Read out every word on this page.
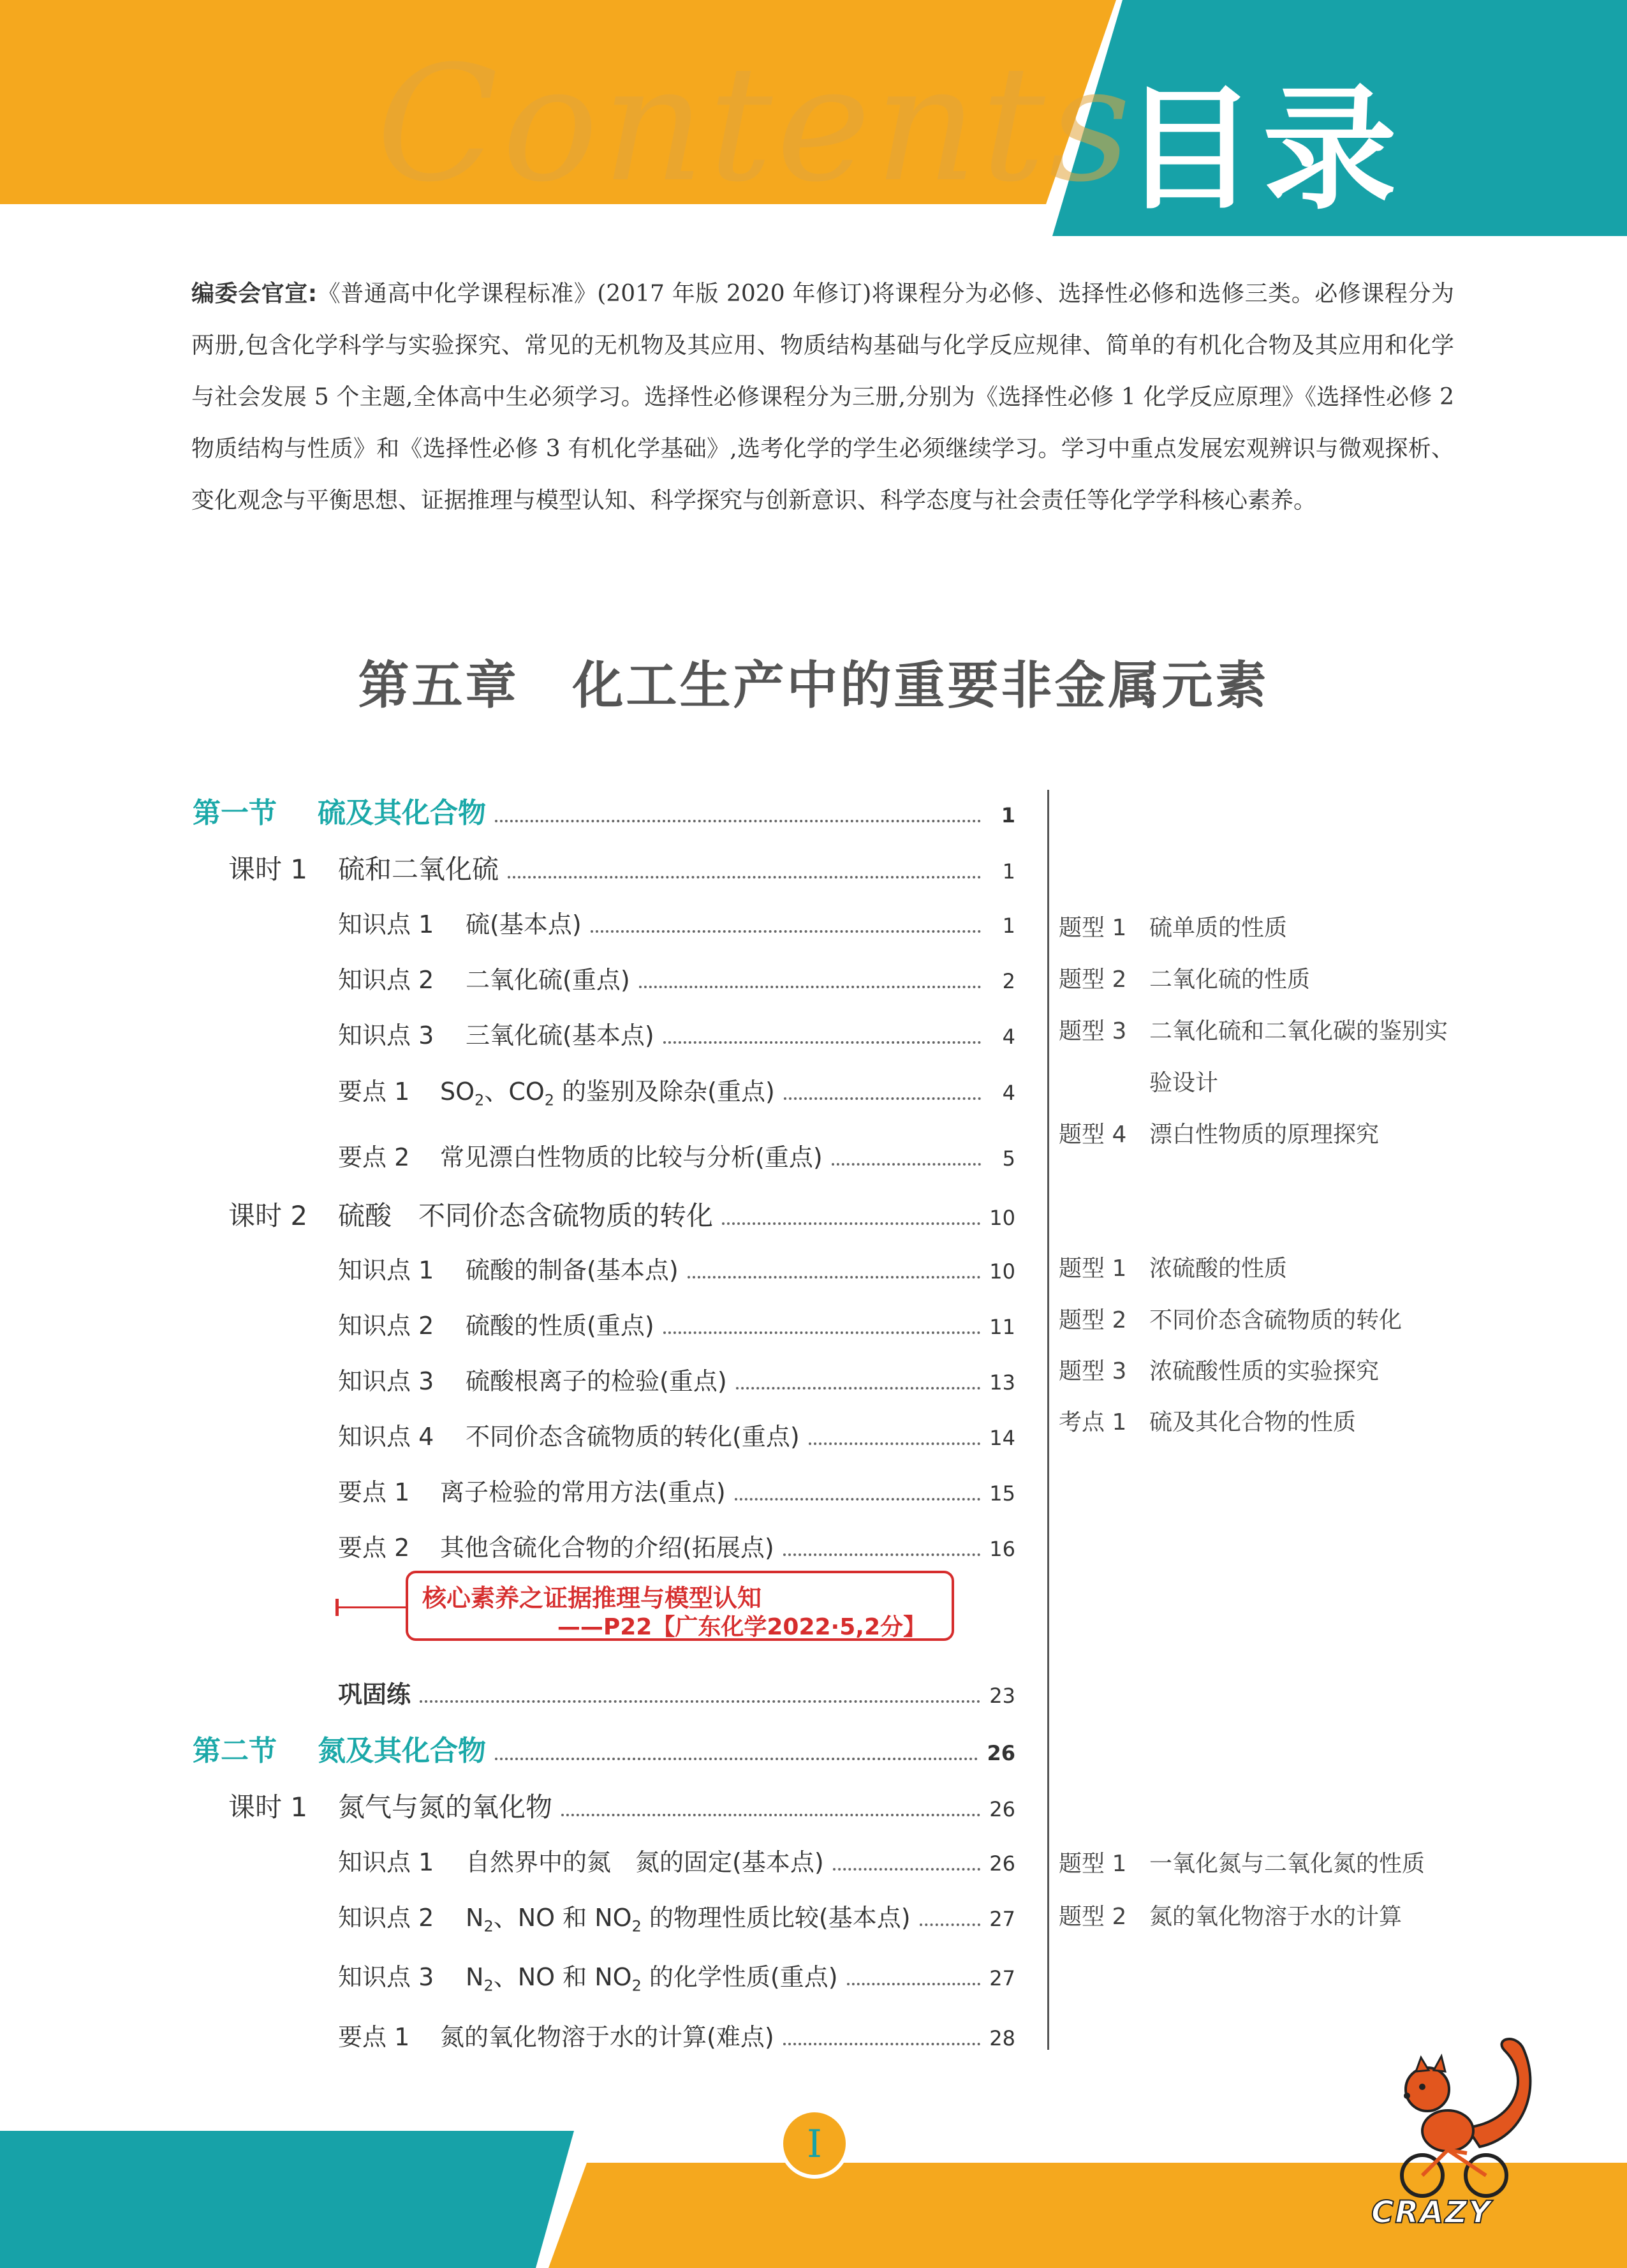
Contents
目录
编委会官宣:《普通高中化学课程标准》(2017 年版 2020 年修订)将课程分为必修、选择性必修和选修三类。必修课程分为两册,包含化学科学与实验探究、常见的无机物及其应用、物质结构基础与化学反应规律、简单的有机化合物及其应用和化学与社会发展 5 个主题,全体高中生必须学习。选择性必修课程分为三册,分别为《选择性必修 1 化学反应原理》《选择性必修 2 物质结构与性质》和《选择性必修 3 有机化学基础》,选考化学的学生必须继续学习。学习中重点发展宏观辨识与微观探析、变化观念与平衡思想、证据推理与模型认知、科学探究与创新意识、科学态度与社会责任等化学学科核心素养。
第五章　化工生产中的重要非金属元素
第一节	硫及其化合物	1
课时 1	硫和二氧化硫	1
知识点 1	硫(基本点)	1
知识点 2	二氧化硫(重点)	2
知识点 3	三氧化硫(基本点)	4
要点 1	$SO_2$、$CO_2$ 的鉴别及除杂(重点)	4
要点 2	常见漂白性物质的比较与分析(重点)	5
课时 2	硫酸　不同价态含硫物质的转化	10
知识点 1	硫酸的制备(基本点)	10
知识点 2	硫酸的性质(重点)	11
知识点 3	硫酸根离子的检验(重点)	13
知识点 4	不同价态含硫物质的转化(重点)	14
要点 1	离子检验的常用方法(重点)	15
要点 2	其他含硫化合物的介绍(拓展点)	16
核心素养之证据推理与模型认知
——P22【广东化学2022·5,2分】
巩固练	23
第二节	氮及其化合物	26
课时 1	氮气与氮的氧化物	26
知识点 1	自然界中的氮　氮的固定(基本点)	26
知识点 2	$N_2$、NO 和 $NO_2$ 的物理性质比较(基本点)	27
知识点 3	$N_2$、NO 和 $NO_2$ 的化学性质(重点)	27
要点 1	氮的氧化物溶于水的计算(难点)	28
题型 1 硫单质的性质
题型 2 二氧化硫的性质
题型 3 二氧化硫和二氧化碳的鉴别实
验设计
题型 4 漂白性物质的原理探究
题型 1 浓硫酸的性质
题型 2 不同价态含硫物质的转化
题型 3 浓硫酸性质的实验探究
考点 1 硫及其化合物的性质
题型 1 一氧化氮与二氧化氮的性质
题型 2 氮的氧化物溶于水的计算
I
CRAZY
